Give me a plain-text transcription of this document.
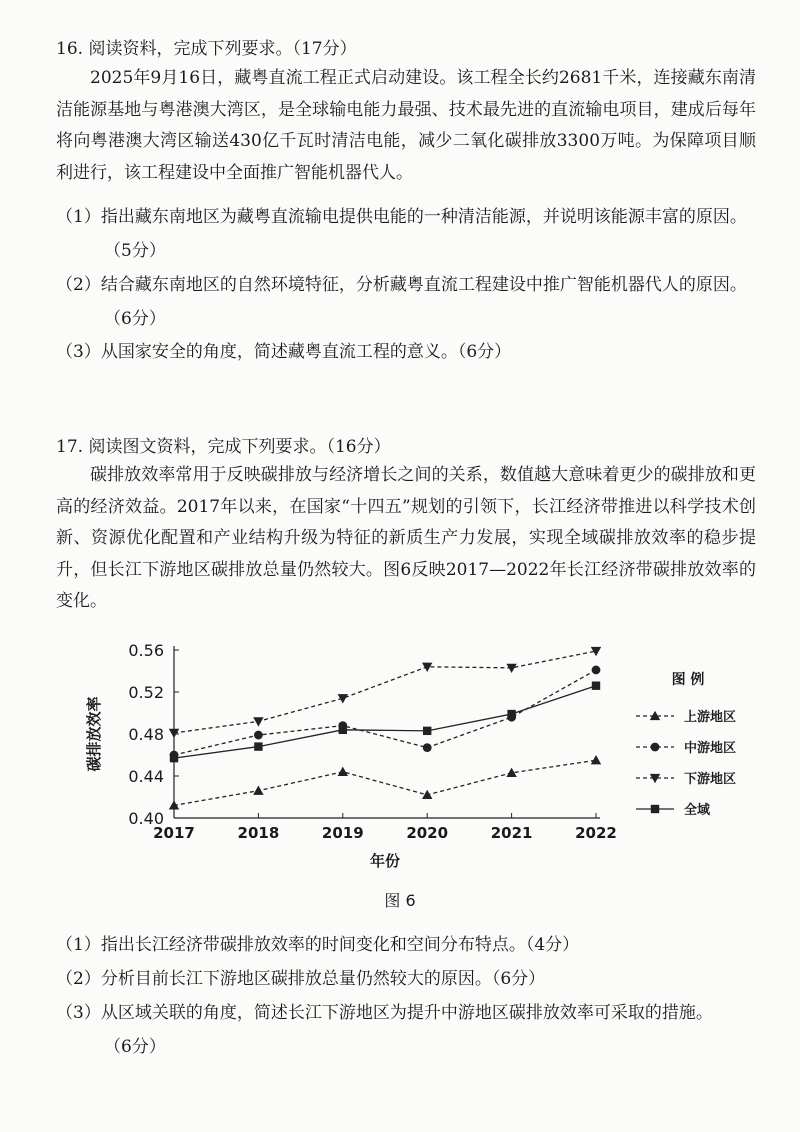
16. 阅读资料，完成下列要求。（17分）
2025年9月16日，藏粤直流工程正式启动建设。该工程全长约2681千米，连接藏东南清洁能源基地与粤港澳大湾区，是全球输电能力最强、技术最先进的直流输电项目，建成后每年将向粤港澳大湾区输送430亿千瓦时清洁电能，减少二氧化碳排放3300万吨。为保障项目顺利进行，该工程建设中全面推广智能机器代人。
（1）指出藏东南地区为藏粤直流输电提供电能的一种清洁能源，并说明该能源丰富的原因。
（5分）
（2）结合藏东南地区的自然环境特征，分析藏粤直流工程建设中推广智能机器代人的原因。
（6分）
（3）从国家安全的角度，简述藏粤直流工程的意义。（6分）
17. 阅读图文资料，完成下列要求。（16分）
碳排放效率常用于反映碳排放与经济增长之间的关系，数值越大意味着更少的碳排放和更高的经济效益。2017年以来，在国家“十四五”规划的引领下，长江经济带推进以科学技术创新、资源优化配置和产业结构升级为特征的新质生产力发展，实现全域碳排放效率的稳步提升，但长江下游地区碳排放总量仍然较大。图6反映2017—2022年长江经济带碳排放效率的变化。
0.40
0.44
0.48
0.52
0.56
2017	2018	2019	2020	2021	2022
年份
碳排放效率
图 例
上游地区
中游地区
下游地区
全域
图 6
（1）指出长江经济带碳排放效率的时间变化和空间分布特点。（4分）
（2）分析目前长江下游地区碳排放总量仍然较大的原因。（6分）
（3）从区域关联的角度，简述长江下游地区为提升中游地区碳排放效率可采取的措施。
（6分）
